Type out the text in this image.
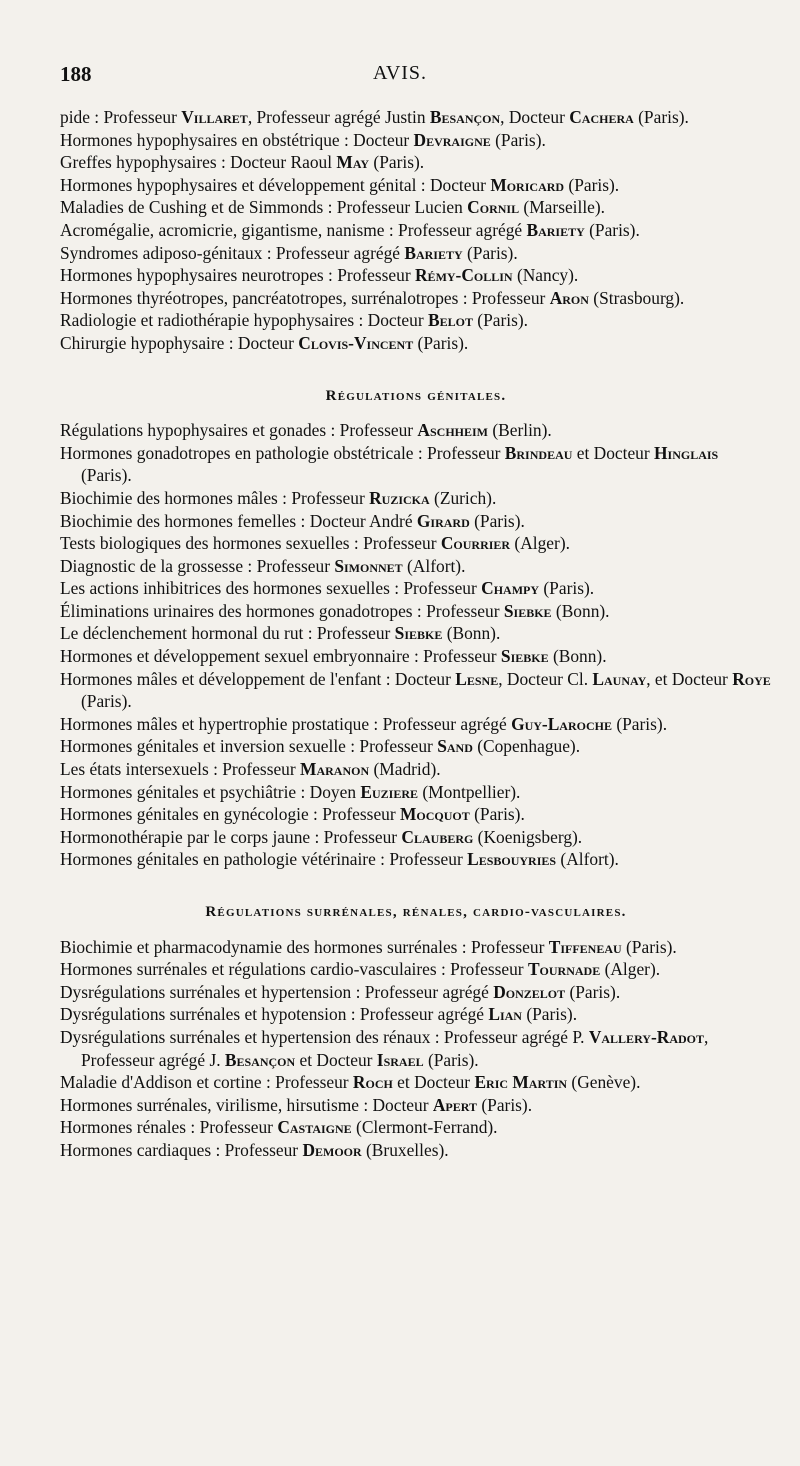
188	AVIS.

pide : Professeur Villaret, Professeur agrégé Justin Besançon, Docteur Cachera (Paris).

Hormones hypophysaires en obstétrique : Docteur Devraigne (Paris).

Greffes hypophysaires : Docteur Raoul May (Paris).

Hormones hypophysaires et développement génital : Docteur Moricard (Paris).

Maladies de Cushing et de Simmonds : Professeur Lucien Cornil (Marseille).

Acromégalie, acromicrie, gigantisme, nanisme : Professeur agrégé Bariety (Paris).

Syndromes adiposo-génitaux : Professeur agrégé Bariety (Paris).

Hormones hypophysaires neurotropes : Professeur Rémy-Collin (Nancy).

Hormones thyréotropes, pancréatotropes, surrénalotropes : Professeur Aron (Strasbourg).

Radiologie et radiothérapie hypophysaires : Docteur Belot (Paris).

Chirurgie hypophysaire : Docteur Clovis-Vincent (Paris).

Régulations génitales.

Régulations hypophysaires et gonades : Professeur Aschheim (Berlin).

Hormones gonadotropes en pathologie obstétricale : Professeur Brindeau et Docteur Hinglais (Paris).

Biochimie des hormones mâles : Professeur Ruzicka (Zurich).

Biochimie des hormones femelles : Docteur André Girard (Paris).

Tests biologiques des hormones sexuelles : Professeur Courrier (Alger).

Diagnostic de la grossesse : Professeur Simonnet (Alfort).

Les actions inhibitrices des hormones sexuelles : Professeur Champy (Paris).

Éliminations urinaires des hormones gonadotropes : Professeur Siebke (Bonn).

Le déclenchement hormonal du rut : Professeur Siebke (Bonn).

Hormones et développement sexuel embryonnaire : Professeur Siebke (Bonn).

Hormones mâles et développement de l'enfant : Docteur Lesne, Docteur Cl. Launay, et Docteur Roye (Paris).

Hormones mâles et hypertrophie prostatique : Professeur agrégé Guy-Laroche (Paris).

Hormones génitales et inversion sexuelle : Professeur Sand (Copenhague).

Les états intersexuels : Professeur Maranon (Madrid).

Hormones génitales et psychiâtrie : Doyen Euziere (Montpellier).

Hormones génitales en gynécologie : Professeur Mocquot (Paris).

Hormonothérapie par le corps jaune : Professeur Clauberg (Koenigsberg).

Hormones génitales en pathologie vétérinaire : Professeur Lesbouyries (Alfort).

Régulations surrénales, rénales, cardio-vasculaires.

Biochimie et pharmacodynamie des hormones surrénales : Professeur Tiffeneau (Paris).

Hormones surrénales et régulations cardio-vasculaires : Professeur Tournade (Alger).

Dysrégulations surrénales et hypertension : Professeur agrégé Donzelot (Paris).

Dysrégulations surrénales et hypotension : Professeur agrégé Lian (Paris).

Dysrégulations surrénales et hypertension des rénaux : Professeur agrégé P. Vallery-Radot, Professeur agrégé J. Besançon et Docteur Israel (Paris).

Maladie d'Addison et cortine : Professeur Roch et Docteur Eric Martin (Genève).

Hormones surrénales, virilisme, hirsutisme : Docteur Apert (Paris).

Hormones rénales : Professeur Castaigne (Clermont-Ferrand).

Hormones cardiaques : Professeur Demoor (Bruxelles).
